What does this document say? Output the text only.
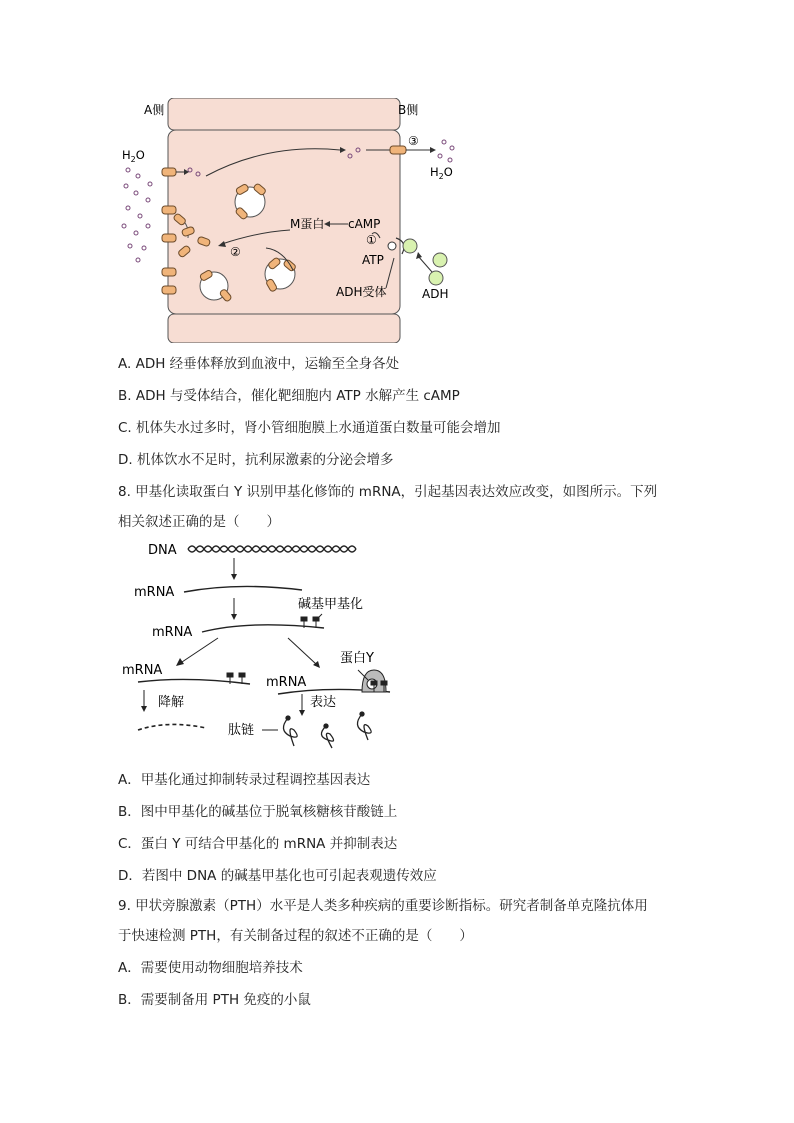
A侧	B侧
$H_2O$
③
$H_2O$
M蛋白 cAMP
②
①
ATP
ADH受体	ADH
A. ADH 经垂体释放到血液中，运输至全身各处
B. ADH 与受体结合，催化靶细胞内 ATP 水解产生 cAMP
C. 机体失水过多时，肾小管细胞膜上水通道蛋白数量可能会增加
D. 机体饮水不足时，抗利尿激素的分泌会增多
8. 甲基化读取蛋白 Y 识别甲基化修饰的 mRNA，引起基因表达效应改变，如图所示。下列
相关叙述正确的是（　　）
DNA
mRNA
碱基甲基化
mRNA
mRNA
蛋白Y
mRNA
降解	表达
肽链
A．甲基化通过抑制转录过程调控基因表达
B．图中甲基化的碱基位于脱氧核糖核苷酸链上
C．蛋白 Y 可结合甲基化的 mRNA 并抑制表达
D．若图中 DNA 的碱基甲基化也可引起表观遗传效应
9. 甲状旁腺激素（PTH）水平是人类多种疾病的重要诊断指标。研究者制备单克隆抗体用
于快速检测 PTH，有关制备过程的叙述不正确的是（　　）
A．需要使用动物细胞培养技术
B．需要制备用 PTH 免疫的小鼠
